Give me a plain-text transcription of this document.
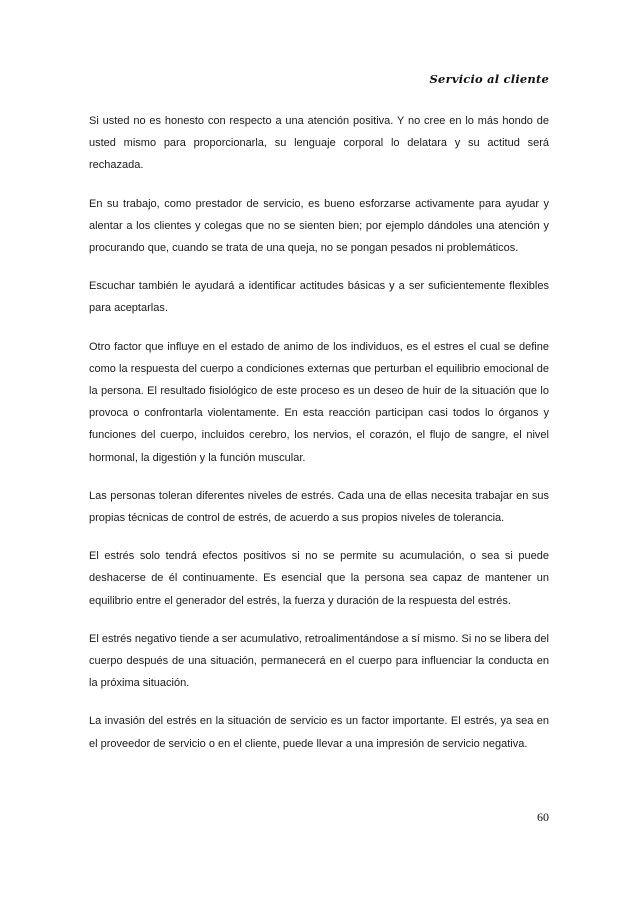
Servicio al cliente

Si usted no es honesto con respecto a una atención positiva. Y no cree en lo más hondo de usted mismo para proporcionarla, su lenguaje corporal lo delatara y su actitud será rechazada.

En su trabajo, como prestador de servicio, es bueno esforzarse activamente para ayudar y alentar a los clientes y colegas que no se sienten bien; por ejemplo dándoles una atención y procurando que, cuando se trata de una queja, no se pongan pesados ni problemáticos.

Escuchar también le ayudará a identificar actitudes básicas y a ser suficientemente flexibles para aceptarlas.

Otro factor que influye en el estado de animo de los individuos, es el estres el cual se define como la respuesta del cuerpo a condiciones externas que perturban el equilibrio emocional de la persona. El resultado fisiológico de este proceso es un deseo de huir de la situación que lo provoca o confrontarla violentamente. En esta reacción participan casi todos lo órganos y funciones del cuerpo, incluidos cerebro, los nervios, el corazón, el flujo de sangre, el nivel hormonal, la digestión y la función muscular.

Las personas toleran diferentes niveles de estrés. Cada una de ellas necesita trabajar en sus propias técnicas de control de estrés, de acuerdo a sus propios niveles de tolerancia.

El estrés solo tendrá efectos positivos si no se permite su acumulación, o sea si puede deshacerse de él continuamente. Es esencial que la persona sea capaz de mantener un equilibrio entre el generador del estrés, la fuerza y duración de la respuesta del estrés.

El estrés negativo tiende a ser acumulativo, retroalimentándose a sí mismo. Si no se libera del cuerpo después de una situación, permanecerá en el cuerpo para influenciar la conducta en la próxima situación.

La invasión del estrés en la situación de servicio es un factor importante. El estrés, ya sea en el proveedor de servicio o en el cliente, puede llevar a una impresión de servicio negativa.

60
